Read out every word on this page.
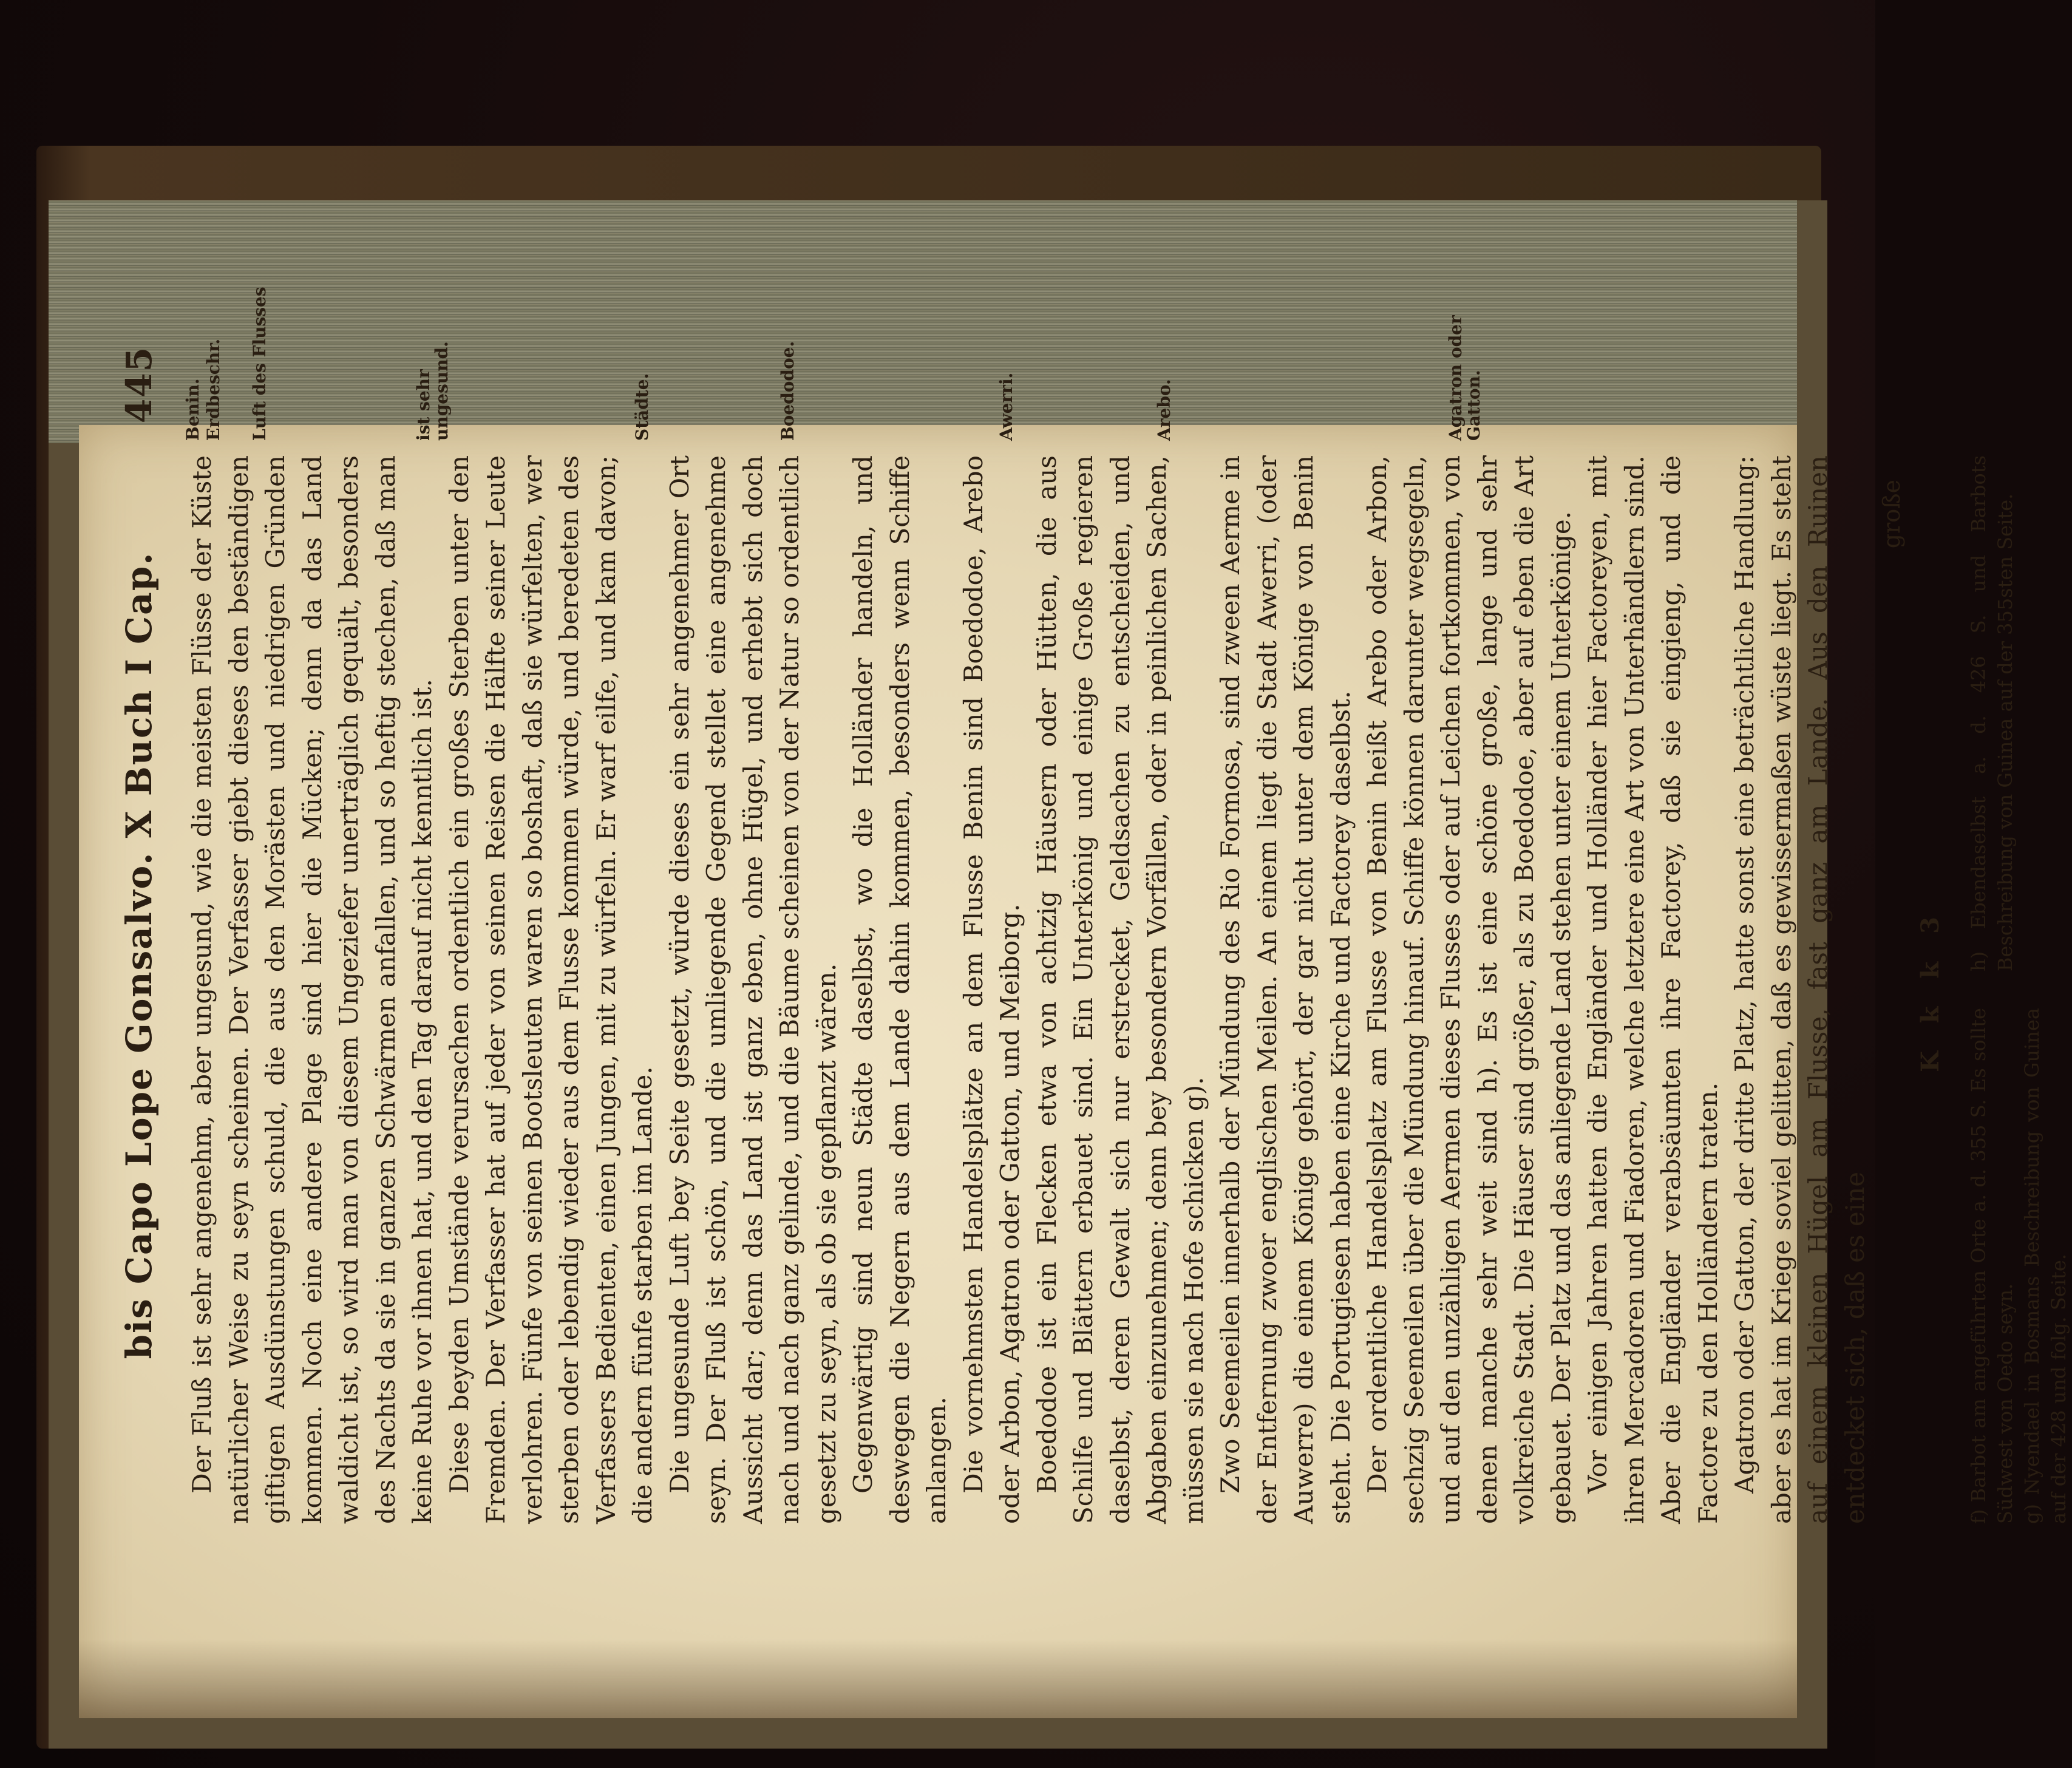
bis Capo Lope Gonsalvo. X Buch I Cap.
445

Der Fluß ist sehr angenehm, aber ungesund, wie die meisten Flüsse der Küste natürlicher Weise zu seyn scheinen. Der Verfasser giebt dieses den beständigen giftigen Ausdünstungen schuld, die aus den Morästen und niedrigen Gründen kommen. Noch eine andere Plage sind hier die Mücken; denn da das Land waldicht ist, so wird man von diesem Ungeziefer unerträglich gequält, besonders des Nachts da sie in ganzen Schwärmen anfallen, und so heftig stechen, daß man keine Ruhe vor ihnen hat, und den Tag darauf nicht kenntlich ist. Diese beyden Umstände verursachen ordentlich ein großes Sterben unter den Fremden. Der Verfasser hat auf jeder von seinen Reisen die Hälfte seiner Leute verlohren. Fünfe von seinen Bootsleuten waren so boshaft, daß sie würfelten, wer sterben oder lebendig wieder aus dem Flusse kommen würde, und beredeten des Verfassers Bedienten, einen Jungen, mit zu würfeln. Er warf eilfe, und kam davon; die andern fünfe starben im Lande. Die ungesunde Luft bey Seite gesetzt, würde dieses ein sehr angenehmer Ort seyn. Der Fluß ist schön, und die umliegende Gegend stellet eine angenehme Aussicht dar; denn das Land ist ganz eben, ohne Hügel, und erhebt sich doch nach und nach ganz gelinde, und die Bäume scheinen von der Natur so ordentlich gesetzt zu seyn, als ob sie gepflanzt wären. Gegenwärtig sind neun Städte daselbst, wo die Holländer handeln, und deswegen die Negern aus dem Lande dahin kommen, besonders wenn Schiffe anlangen. Die vornehmsten Handelsplätze an dem Flusse Benin sind Boedodoe, Arebo oder Arbon, Agatron oder Gatton, und Meiborg. Boedodoe ist ein Flecken etwa von achtzig Häusern oder Hütten, die aus Schilfe und Blättern erbauet sind. Ein Unterkönig und einige Große regieren daselbst, deren Gewalt sich nur erstrecket, Geldsachen zu entscheiden, und Abgaben einzunehmen; denn bey besondern Vorfällen, oder in peinlichen Sachen, müssen sie nach Hofe schicken g). Zwo Seemeilen innerhalb der Mündung des Rio Formosa, sind zween Aerme in der Entfernung zwoer englischen Meilen. An einem liegt die Stadt Awerri, (oder Auwerre) die einem Könige gehört, der gar nicht unter dem Könige von Benin steht. Die Portugiesen haben eine Kirche und Factorey daselbst. Der ordentliche Handelsplatz am Flusse von Benin heißt Arebo oder Arbon, sechzig Seemeilen über die Mündung hinauf. Schiffe können darunter wegsegeln, und auf den unzähligen Aermen dieses Flusses oder auf Leichen fortkommen, von denen manche sehr weit sind h). Es ist eine schöne große, lange und sehr volkreiche Stadt. Die Häuser sind größer, als zu Boedodoe, aber auf eben die Art gebauet. Der Platz und das anliegende Land stehen unter einem Unterkönige. Vor einigen Jahren hatten die Engländer und Holländer hier Factoreyen, mit ihren Mercadoren und Fiadoren, welche letztere eine Art von Unterhändlern sind. Aber die Engländer verabsäumten ihre Factorey, daß sie eingieng, und die Factore zu den Holländern traten. Agatron oder Gatton, der dritte Platz, hatte sonst eine beträchtliche Handlung: aber es hat im Kriege soviel gelitten, daß es gewissermaßen wüste liegt. Es steht auf einem kleinen Hügel am Flusse, fast ganz am Lande. Aus den Ruinen entdecket sich, daß es eine

große
K k k 3
f) Barbot am angeführten Orte a. d. 355 S. Es sollte Südwest von Oedo seyn. g) Nyendael in Bosmans Beschreibung von Guinea auf der 428 und folg. Seite.
h) Ebendaselbst a. d. 426 S. und Barbots Beschreibung von Guinea auf der 355sten Seite.
Benin. Erdbeschr. Luft des Flusses	ist sehr ungesund.	Städte.	Boedodoe.	Awerri.	Arebo.	Agatron oder Gatton.
